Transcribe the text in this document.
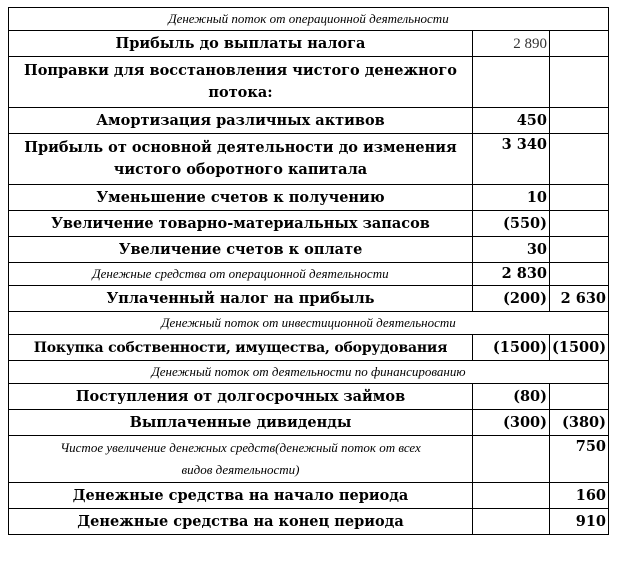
Денежный поток от операционной деятельности		
Прибыль до выплаты налога	2 890	
Поправки для восстановления чистого денежного потока:		
Амортизация различных активов	450	
Прибыль от основной деятельности до изменения чистого оборотного капитала	3 340	
Уменьшение счетов к получению	10	
Увеличение товарно-материальных запасов	(550)	
Увеличение счетов к оплате	30	
Денежные средства от операционной деятельности	2 830	
Уплаченный налог на прибыль	(200)	2 630
Денежный поток от инвестиционной деятельности		
Покупка собственности, имущества, оборудования	(1500)	(1500)
Денежный поток от деятельности по финансированию		
Поступления от долгосрочных займов	(80)	
Выплаченные дивиденды	(300)	(380)
Чистое увеличение денежных средств(денежный поток от всех видов деятельности)		750
Денежные средства на начало периода		160
Денежные средства на конец периода		910
